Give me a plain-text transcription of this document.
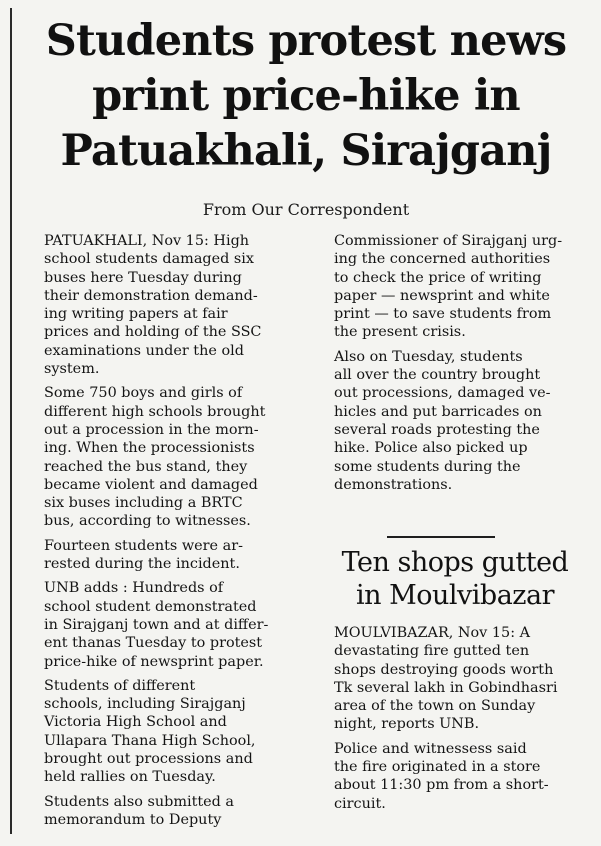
Students protest news
print price-hike in
Patuakhali, Sirajganj
From Our Correspondent

PATUAKHALI, Nov 15: High
school students damaged six
buses here Tuesday during
their demonstration demand-
ing writing papers at fair
prices and holding of the SSC
examinations under the old
system.

Some 750 boys and girls of
different high schools brought
out a procession in the morn-
ing. When the processionists
reached the bus stand, they
became violent and damaged
six buses including a BRTC
bus, according to witnesses.

Fourteen students were ar-
rested during the incident.

UNB adds : Hundreds of
school student demonstrated
in Sirajganj town and at differ-
ent thanas Tuesday to protest
price-hike of newsprint paper.

Students of different
schools, including Sirajganj
Victoria High School and
Ullapara Thana High School,
brought out processions and
held rallies on Tuesday.

Students also submitted a
memorandum to Deputy

Commissioner of Sirajganj urg-
ing the concerned authorities
to check the price of writing
paper — newsprint and white
print — to save students from
the present crisis.

Also on Tuesday, students
all over the country brought
out processions, damaged ve-
hicles and put barricades on
several roads protesting the
hike. Police also picked up
some students during the
demonstrations.

Ten shops gutted
in Moulvibazar

MOULVIBAZAR, Nov 15: A
devastating fire gutted ten
shops destroying goods worth
Tk several lakh in Gobindhasri
area of the town on Sunday
night, reports UNB.

Police and witnessess said
the fire originated in a store
about 11:30 pm from a short-
circuit.
